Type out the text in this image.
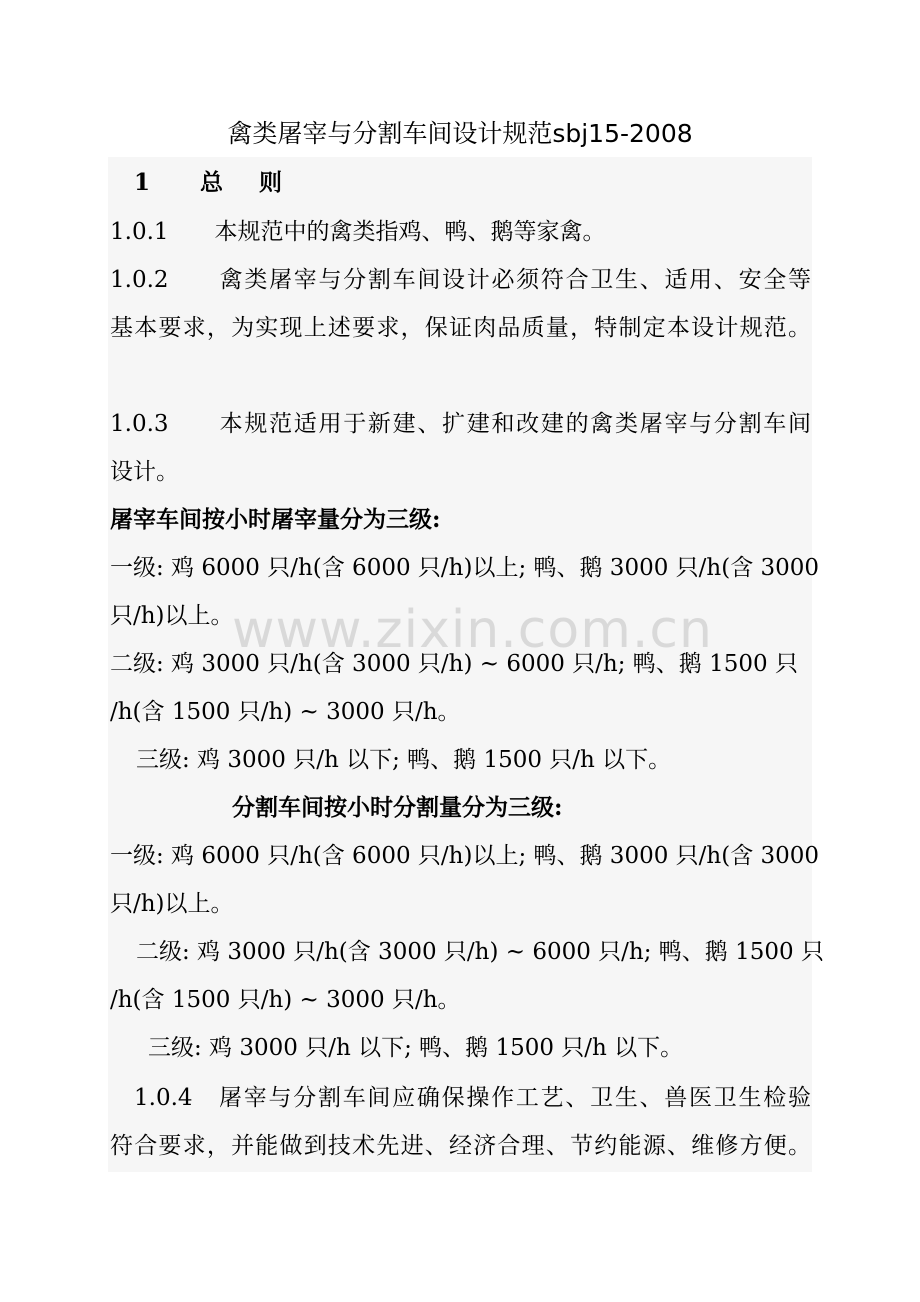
禽类屠宰与分割车间设计规范sbj15-2008
1 总 则
1.0.1　　本规范中的禽类指鸡、鸭、鹅等家禽。
1.0.2　　禽类屠宰与分割车间设计必须符合卫生、适用、安全等
基本要求，为实现上述要求，保证肉品质量，特制定本设计规范。
1.0.3　　本规范适用于新建、扩建和改建的禽类屠宰与分割车间
设计。
屠宰车间按小时屠宰量分为三级:
一级: 鸡 6000 只/h(含 6000 只/h)以上; 鸭、鹅 3000 只/h(含 3000
只/h)以上。
www.zixin.com.cn
二级: 鸡 3000 只/h(含 3000 只/h) ~ 6000 只/h; 鸭、鹅 1500 只
/h(含 1500 只/h) ~ 3000 只/h。
三级: 鸡 3000 只/h 以下; 鸭、鹅 1500 只/h 以下。
分割车间按小时分割量分为三级:
一级: 鸡 6000 只/h(含 6000 只/h)以上; 鸭、鹅 3000 只/h(含 3000
只/h)以上。
二级: 鸡 3000 只/h(含 3000 只/h) ~ 6000 只/h; 鸭、鹅 1500 只
/h(含 1500 只/h) ~ 3000 只/h。
三级: 鸡 3000 只/h 以下; 鸭、鹅 1500 只/h 以下。
1.0.4　屠宰与分割车间应确保操作工艺、卫生、兽医卫生检验
符合要求，并能做到技术先进、经济合理、节约能源、维修方便。
